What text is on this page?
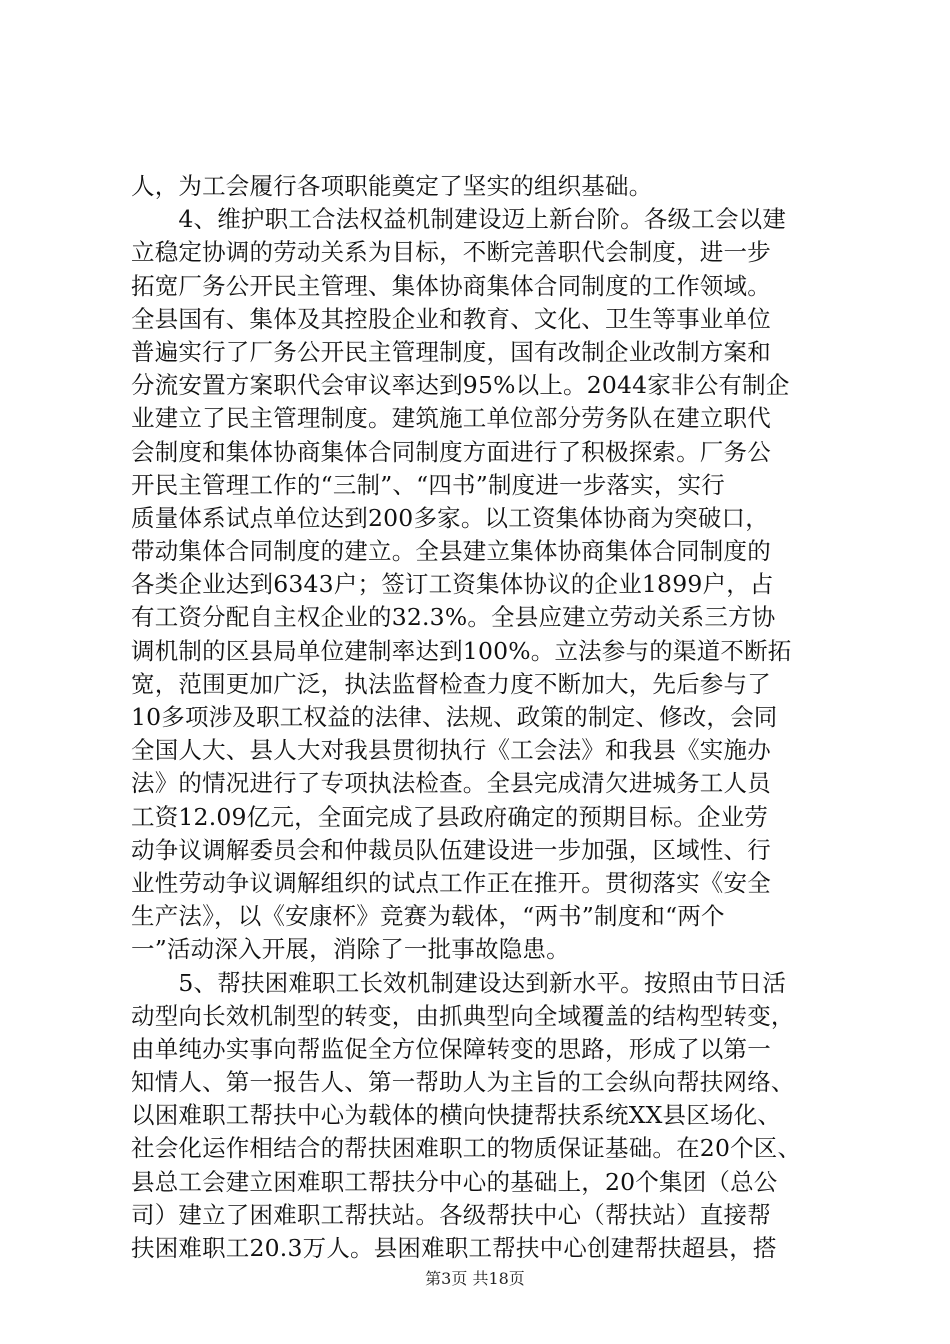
人，为工会履行各项职能奠定了坚实的组织基础。
　　4、维护职工合法权益机制建设迈上新台阶。各级工会以建
立稳定协调的劳动关系为目标，不断完善职代会制度，进一步
拓宽厂务公开民主管理、集体协商集体合同制度的工作领域。
全县国有、集体及其控股企业和教育、文化、卫生等事业单位
普遍实行了厂务公开民主管理制度，国有改制企业改制方案和
分流安置方案职代会审议率达到95%以上。2044家非公有制企
业建立了民主管理制度。建筑施工单位部分劳务队在建立职代
会制度和集体协商集体合同制度方面进行了积极探索。厂务公
开民主管理工作的“三制”、“四书”制度进一步落实，实行
质量体系试点单位达到200多家。以工资集体协商为突破口，
带动集体合同制度的建立。全县建立集体协商集体合同制度的
各类企业达到6343户；签订工资集体协议的企业1899户，占
有工资分配自主权企业的32.3%。全县应建立劳动关系三方协
调机制的区县局单位建制率达到100%。立法参与的渠道不断拓
宽，范围更加广泛，执法监督检查力度不断加大，先后参与了
10多项涉及职工权益的法律、法规、政策的制定、修改，会同
全国人大、县人大对我县贯彻执行《工会法》和我县《实施办
法》的情况进行了专项执法检查。全县完成清欠进城务工人员
工资12.09亿元，全面完成了县政府确定的预期目标。企业劳
动争议调解委员会和仲裁员队伍建设进一步加强，区域性、行
业性劳动争议调解组织的试点工作正在推开。贯彻落实《安全
生产法》，以《安康杯》竞赛为载体，“两书”制度和“两个
一”活动深入开展，消除了一批事故隐患。
　　5、帮扶困难职工长效机制建设达到新水平。按照由节日活
动型向长效机制型的转变，由抓典型向全域覆盖的结构型转变，
由单纯办实事向帮监促全方位保障转变的思路，形成了以第一
知情人、第一报告人、第一帮助人为主旨的工会纵向帮扶网络、
以困难职工帮扶中心为载体的横向快捷帮扶系统XX县区场化、
社会化运作相结合的帮扶困难职工的物质保证基础。在20个区、
县总工会建立困难职工帮扶分中心的基础上，20个集团（总公
司）建立了困难职工帮扶站。各级帮扶中心（帮扶站）直接帮
扶困难职工20.3万人。县困难职工帮扶中心创建帮扶超县，搭
第3页 共18页
